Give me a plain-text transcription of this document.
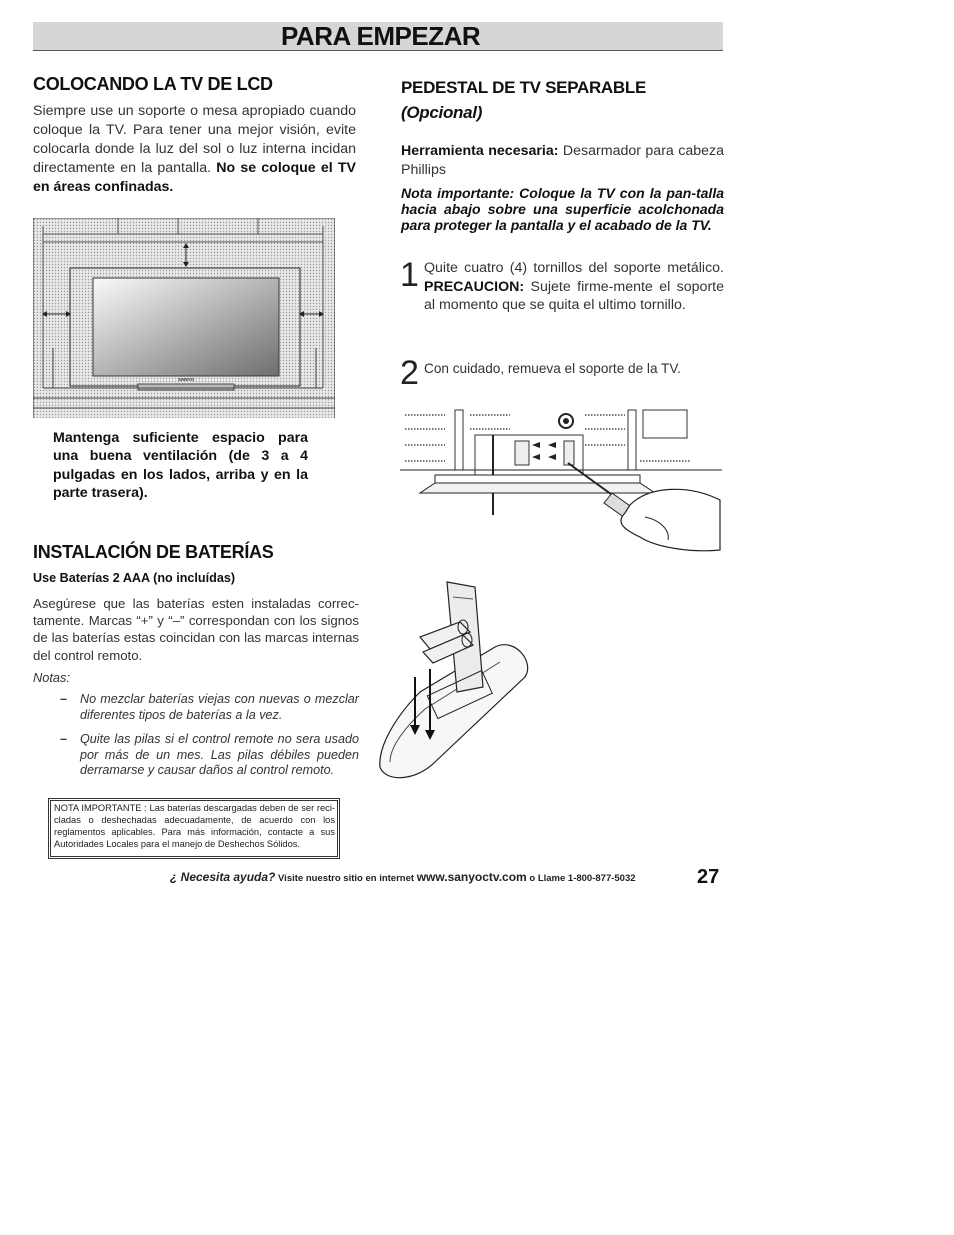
PARA EMPEZAR
COLOCANDO LA TV DE LCD
Siempre use un soporte o mesa apropiado cuando coloque la TV. Para tener una mejor visión, evite colocarla donde la luz del sol o luz interna incidan directamente en la pantalla. No se coloque el TV en áreas confinadas.
SANYO
Mantenga suficiente espacio para una buena ventilación (de 3 a 4 pulgadas en los lados, arriba y en la parte trasera).
INSTALACIÓN DE BATERÍAS
Use Baterías 2 AAA (no incluídas)
Asegúrese que las baterías esten instaladas correc-tamente. Marcas “+” y “–” correspondan con los signos de las baterías estas coincidan con las marcas internas del control remoto.
Notas:
– No mezclar baterías viejas con nuevas o mezclar diferentes tipos de baterías a la vez.
– Quite las pilas si el control remote no sera usado por más de un mes. Las pilas débiles pueden derramarse y causar daños al control remoto.
NOTA IMPORTANTE : Las baterías descargadas deben de ser reci-cladas o deshechadas adecuadamente, de acuerdo con los reglamentos aplicables. Para más información, contacte a sus Autoridades Locales para el manejo de Deshechos Sólidos.
PEDESTAL DE TV SEPARABLE
(Opcional)
Herramienta necesaria: Desarmador para cabeza Phillips
Nota importante: Coloque la TV con la pan-talla hacia abajo sobre una superficie acolchonada para proteger la pantalla y el acabado de la TV.
1 Quite cuatro (4) tornillos del soporte metálico. PRECAUCION: Sujete firme-mente el soporte al momento que se quita el ultimo tornillo.
2 Con cuidado, remueva el soporte de la TV.
¿ Necesita ayuda? Visite nuestro sitio en internet www.sanyoctv.com o Llame 1-800-877-5032	27
